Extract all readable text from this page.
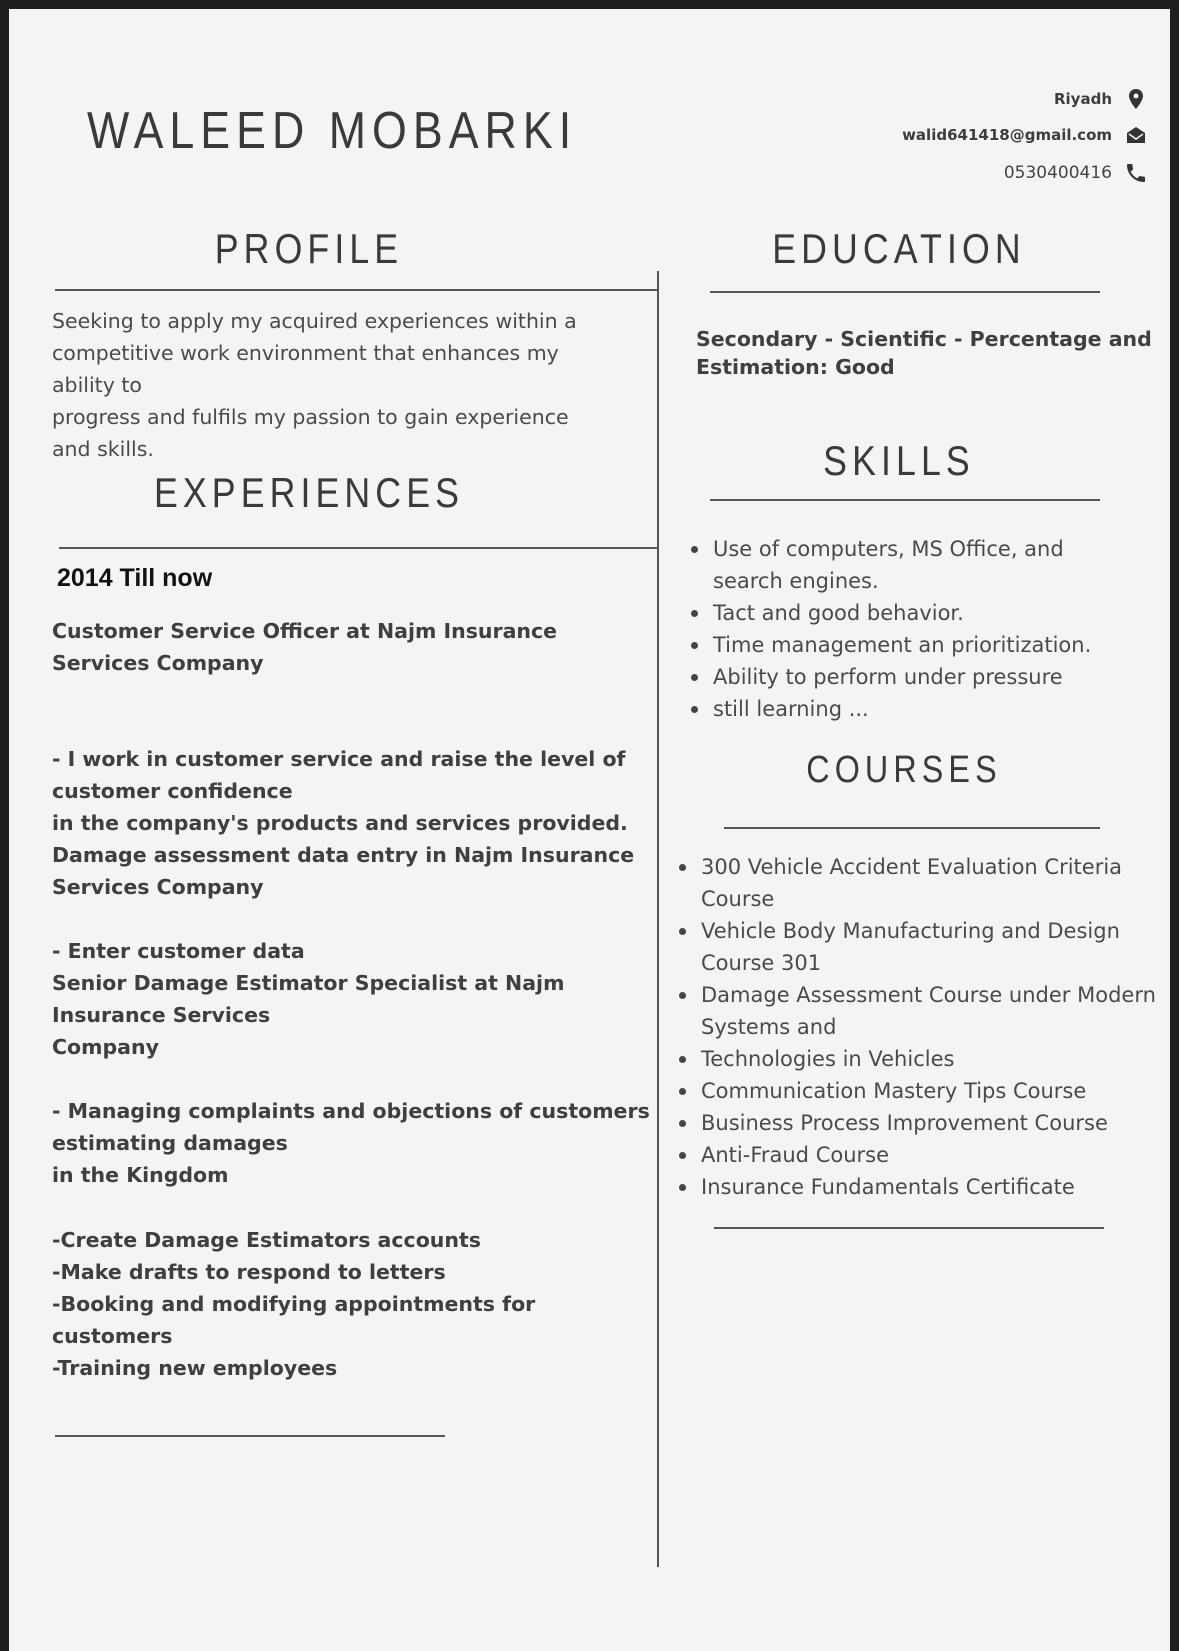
WALEED MOBARKI
Riyadh
walid641418@gmail.com
0530400416
PROFILE
Seeking to apply my acquired experiences within a
competitive work environment that enhances my
ability to
progress and fulfils my passion to gain experience
and skills.
EXPERIENCES
2014 Till now
Customer Service Officer at Najm Insurance
Services Company
- I work in customer service and raise the level of
customer confidence
in the company's products and services provided.
Damage assessment data entry in Najm Insurance
Services Company
- Enter customer data
Senior Damage Estimator Specialist at Najm
Insurance Services
Company
- Managing complaints and objections of customers
estimating damages
in the Kingdom
-Create Damage Estimators accounts
-Make drafts to respond to letters
-Booking and modifying appointments for
customers
-Training new employees
EDUCATION
Secondary - Scientific - Percentage and
Estimation: Good
SKILLS
Use of computers, MS Office, and search engines.
Tact and good behavior.
Time management an prioritization.
Ability to perform under pressure
still learning ...
COURSES
300 Vehicle Accident Evaluation Criteria Course
Vehicle Body Manufacturing and Design Course 301
Damage Assessment Course under Modern Systems and
Technologies in Vehicles
Communication Mastery Tips Course
Business Process Improvement Course
Anti-Fraud Course
Insurance Fundamentals Certificate
